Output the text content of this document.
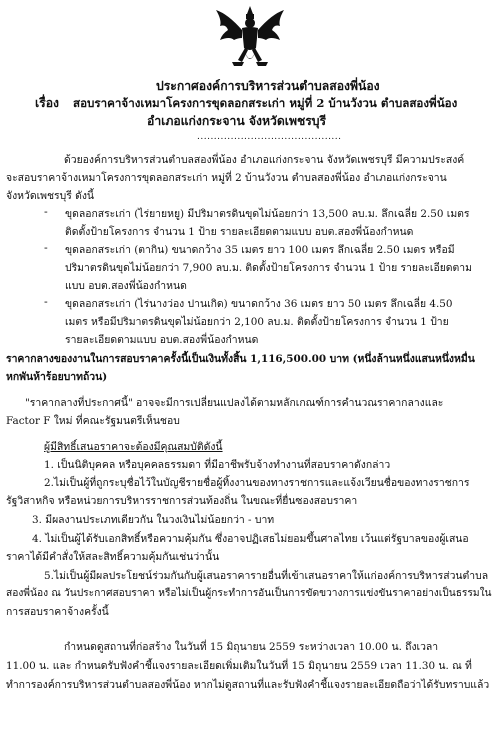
ประกาศองค์การบริหารส่วนตำบลสองพี่น้อง
เรื่อง สอบราคาจ้างเหมาโครงการขุดลอกสระเก่า หมู่ที่ 2 บ้านวังวน ตำบลสองพี่น้อง
อำเภอแก่งกระจาน จังหวัดเพชรบุรี
...........................................
ด้วยองค์การบริหารส่วนตำบลสองพี่น้อง อำเภอแก่งกระจาน จังหวัดเพชรบุรี มีความประสงค์
จะสอบราคาจ้างเหมาโครงการขุดลอกสระเก่า หมู่ที่ 2 บ้านวังวน ตำบลสองพี่น้อง อำเภอแก่งกระจาน
จังหวัดเพชรบุรี ดังนี้
- ขุดลอกสระเก่า (ไร่ยายหยู) มีปริมาตรดินขุดไม่น้อยกว่า 13,500 ลบ.ม. ลึกเฉลี่ย 2.50 เมตร
ติดตั้งป้ายโครงการ จำนวน 1 ป้าย รายละเอียดตามแบบ อบต.สองพี่น้องกำหนด
- ขุดลอกสระเก่า (ตากิน) ขนาดกว้าง 35 เมตร ยาว 100 เมตร ลึกเฉลี่ย 2.50 เมตร หรือมี
ปริมาตรดินขุดไม่น้อยกว่า 7,900 ลบ.ม. ติดตั้งป้ายโครงการ จำนวน 1 ป้าย รายละเอียดตาม
แบบ อบต.สองพี่น้องกำหนด
- ขุดลอกสระเก่า (ไร่นางว่อง ปานเกิด) ขนาดกว้าง 36 เมตร ยาว 50 เมตร ลึกเฉลี่ย 4.50
เมตร หรือมีปริมาตรดินขุดไม่น้อยกว่า 2,100 ลบ.ม. ติดตั้งป้ายโครงการ จำนวน 1 ป้าย
รายละเอียดตามแบบ อบต.สองพี่น้องกำหนด
ราคากลางของงานในการสอบราคาครั้งนี้เป็นเงินทั้งสิ้น 1,116,500.00 บาท (หนึ่งล้านหนึ่งแสนหนึ่งหมื่น
หกพันห้าร้อยบาทถ้วน)
"ราคากลางที่ประกาศนี้" อาจจะมีการเปลี่ยนแปลงได้ตามหลักเกณฑ์การคำนวณราคากลางและ
Factor F ใหม่ ที่คณะรัฐมนตรีเห็นชอบ
ผู้มีสิทธิ์เสนอราคาจะต้องมีคุณสมบัติดังนี้
1. เป็นนิติบุคคล หรือบุคคลธรรมดา ที่มีอาชีพรับจ้างทำงานที่สอบราคาดังกล่าว
2.ไม่เป็นผู้ที่ถูกระบุชื่อไว้ในบัญชีรายชื่อผู้ทิ้งงานของทางราชการและแจ้งเวียนชื่อของทางราชการ
รัฐวิสาหกิจ หรือหน่วยการบริหารราชการส่วนท้องถิ่น ในขณะที่ยื่นซองสอบราคา
3. มีผลงานประเภทเดียวกัน ในวงเงินไม่น้อยกว่า - บาท
4. ไม่เป็นผู้ได้รับเอกสิทธิ์หรือความคุ้มกัน ซึ่งอาจปฏิเสธไม่ยอมขึ้นศาลไทย เว้นแต่รัฐบาลของผู้เสนอ
ราคาได้มีคำสั่งให้สละสิทธิ์ความคุ้มกันเช่นว่านั้น
5.ไม่เป็นผู้มีผลประโยชน์ร่วมกันกับผู้เสนอราคารายอื่นที่เข้าเสนอราคาให้แก่องค์การบริหารส่วนตำบล
สองพี่น้อง ณ วันประกาศสอบราคา หรือไม่เป็นผู้กระทำการอันเป็นการขัดขวางการแข่งขันราคาอย่างเป็นธรรมใน
การสอบราคาจ้างครั้งนี้
กำหนดดูสถานที่ก่อสร้าง ในวันที่ 15 มิถุนายน 2559 ระหว่างเวลา 10.00 น. ถึงเวลา
11.00 น. และ กำหนดรับฟังคำชี้แจงรายละเอียดเพิ่มเติมในวันที่ 15 มิถุนายน 2559 เวลา 11.30 น. ณ ที่
ทำการองค์การบริหารส่วนตำบลสองพี่น้อง หากไม่ดูสถานที่และรับฟังคำชี้แจงรายละเอียดถือว่าได้รับทราบแล้ว
